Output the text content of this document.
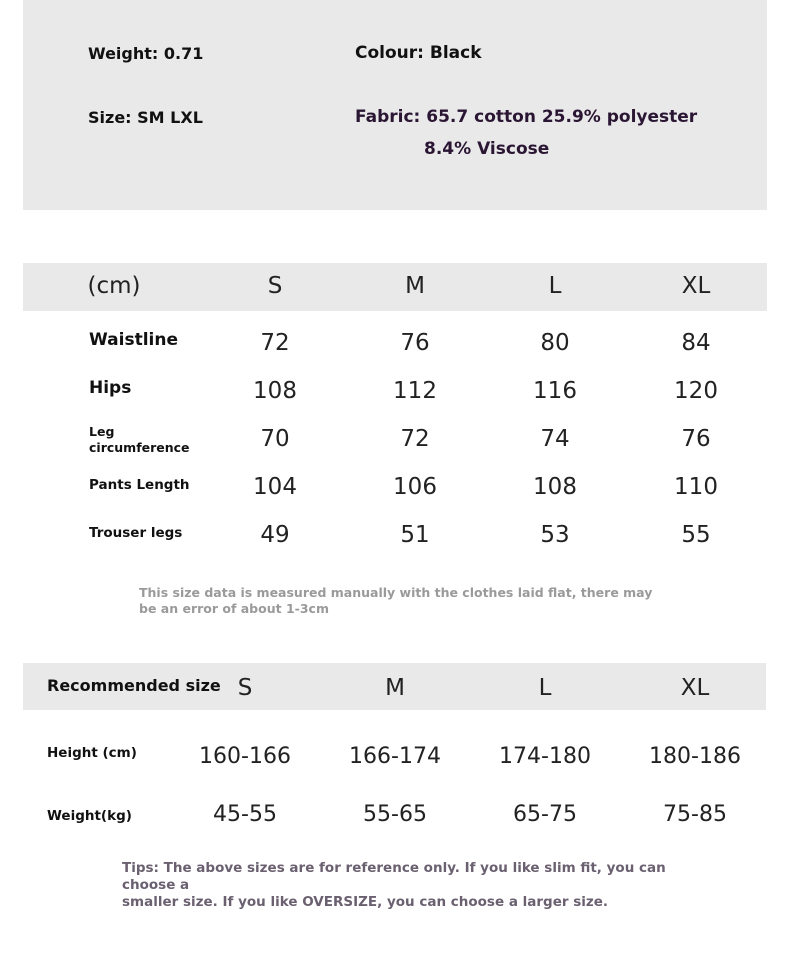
Weight: 0.71	Colour: Black
Size: SM LXL	Fabric: 65.7 cotton 25.9% polyester
8.4% Viscose
(cm)	S	M	L	XL
Waistline	72	76	80	84
Hips	108	112	116	120
Leg
circumference	70	72	74	76
Pants Length	104	106	108	110
Trouser legs	49	51	53	55
This size data is measured manually with the clothes laid flat, there may be an error of about 1-3cm
Recommended size S	M	L	XL
Height (cm)	160-166	166-174	174-180	180-186
Weight(kg)	45-55	55-65	65-75	75-85
Tips: The above sizes are for reference only. If you like slim fit, you can choose a
smaller size. If you like OVERSIZE, you can choose a larger size.
